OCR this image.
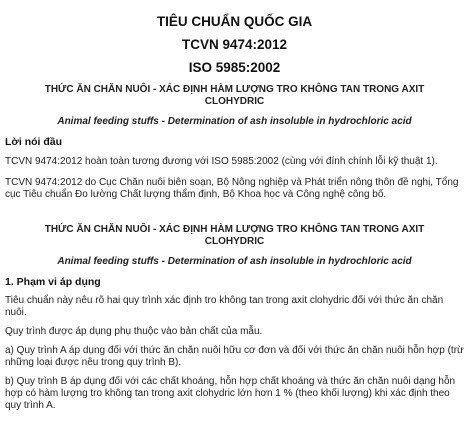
TIÊU CHUẨN QUỐC GIA
TCVN 9474:2012
ISO 5985:2002
THỨC ĂN CHĂN NUÔI - XÁC ĐỊNH HÀM LƯỢNG TRO KHÔNG TAN TRONG AXIT CLOHYDRIC
Animal feeding stuffs - Determination of ash insoluble in hydrochloric acid
Lời nói đầu
TCVN 9474:2012 hoàn toàn tương đương với ISO 5985:2002 (cùng với đính chính lỗi kỹ thuật 1).
TCVN 9474:2012 do Cục Chăn nuôi biên soạn, Bộ Nông nghiệp và Phát triển nông thôn đề nghị, Tổng cục Tiêu chuẩn Đo lường Chất lượng thẩm định, Bộ Khoa học và Công nghệ công bố.
THỨC ĂN CHĂN NUÔI - XÁC ĐỊNH HÀM LƯỢNG TRO KHÔNG TAN TRONG AXIT CLOHYDRIC
Animal feeding stuffs - Determination of ash insoluble in hydrochloric acid
1. Phạm vi áp dụng
Tiêu chuẩn này nêu rõ hai quy trình xác định tro không tan trong axit clohydric đối với thức ăn chăn nuôi.
Quy trình được áp dụng phụ thuộc vào bản chất của mẫu.
a) Quy trình A áp dụng đối với thức ăn chăn nuôi hữu cơ đơn và đối với thức ăn chăn nuôi hỗn hợp (trừ những loại được nêu trong quy trình B).
b) Quy trình B áp dụng đối với các chất khoáng, hỗn hợp chất khoáng và thức ăn chăn nuôi dạng hỗn hợp có hàm lượng tro không tan trong axit clohydric lớn hơn 1 % (theo khối lượng) khi xác định theo quy trình A.
